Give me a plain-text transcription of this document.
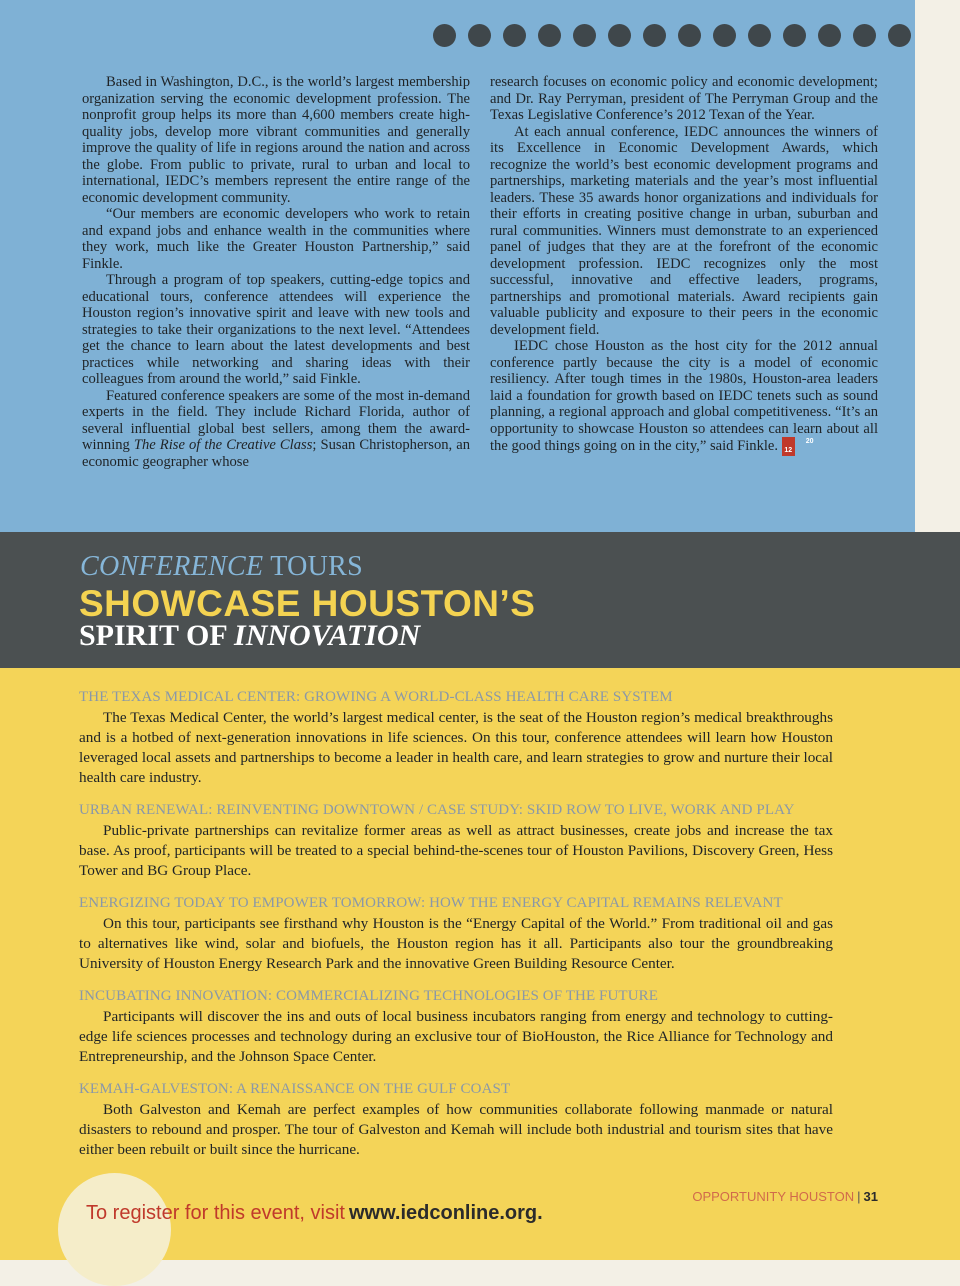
Based in Washington, D.C., is the world’s largest membership organization serving the economic development profession. The nonprofit group helps its more than 4,600 members create high-quality jobs, develop more vibrant communities and generally improve the quality of life in regions around the nation and across the globe. From public to private, rural to urban and local to international, IEDC’s members represent the entire range of the economic development community.

“Our members are economic developers who work to retain and expand jobs and enhance wealth in the communities where they work, much like the Greater Houston Partnership,” said Finkle.

Through a program of top speakers, cutting-edge topics and educational tours, conference attendees will experience the Houston region’s innovative spirit and leave with new tools and strategies to take their organizations to the next level. “Attendees get the chance to learn about the latest developments and best practices while networking and sharing ideas with their colleagues from around the world,” said Finkle.

Featured conference speakers are some of the most in-demand experts in the field. They include Richard Florida, author of several influential global best sellers, among them the award-winning The Rise of the Creative Class; Susan Christopherson, an economic geographer whose

research focuses on economic policy and economic development; and Dr. Ray Perryman, president of The Perryman Group and the Texas Legislative Conference’s 2012 Texan of the Year.

At each annual conference, IEDC announces the winners of its Excellence in Economic Development Awards, which recognize the world’s best economic development programs and partnerships, marketing materials and the year’s most influential leaders. These 35 awards honor organizations and individuals for their efforts in creating positive change in urban, suburban and rural communities. Winners must demonstrate to an experienced panel of judges that they are at the forefront of the economic development profession. IEDC recognizes only the most successful, innovative and effective leaders, programs, partnerships and promotional materials. Award recipients gain valuable publicity and exposure to their peers in the economic development field.

IEDC chose Houston as the host city for the 2012 annual conference partly because the city is a model of economic resiliency. After tough times in the 1980s, Houston-area leaders laid a foundation for growth based on IEDC tenets such as sound planning, a regional approach and global competitiveness. “It’s an opportunity to showcase Houston so attendees can learn about all the good things going on in the city,” said Finkle.	20
12

CONFERENCE TOURS
SHOWCASE HOUSTON’S
SPIRIT OF INNOVATION
THE TEXAS MEDICAL CENTER: GROWING A WORLD-CLASS HEALTH CARE SYSTEM

The Texas Medical Center, the world’s largest medical center, is the seat of the Houston region’s medical breakthroughs and is a hotbed of next-generation innovations in life sciences. On this tour, conference attendees will learn how Houston leveraged local assets and partnerships to become a leader in health care, and learn strategies to grow and nurture their local health care industry.

URBAN RENEWAL: REINVENTING DOWNTOWN / CASE STUDY: SKID ROW TO LIVE, WORK AND PLAY

Public-private partnerships can revitalize former areas as well as attract businesses, create jobs and increase the tax base. As proof, participants will be treated to a special behind-the-scenes tour of Houston Pavilions, Discovery Green, Hess Tower and BG Group Place.

ENERGIZING TODAY TO EMPOWER TOMORROW: HOW THE ENERGY CAPITAL REMAINS RELEVANT

On this tour, participants see firsthand why Houston is the “Energy Capital of the World.” From traditional oil and gas to alternatives like wind, solar and biofuels, the Houston region has it all. Participants also tour the groundbreaking University of Houston Energy Research Park and the innovative Green Building Resource Center.

INCUBATING INNOVATION: COMMERCIALIZING TECHNOLOGIES OF THE FUTURE

Participants will discover the ins and outs of local business incubators ranging from energy and technology to cutting-edge life sciences processes and technology during an exclusive tour of BioHouston, the Rice Alliance for Technology and Entrepreneurship, and the Johnson Space Center.

KEMAH-GALVESTON: A RENAISSANCE ON THE GULF COAST

Both Galveston and Kemah are perfect examples of how communities collaborate following manmade or natural disasters to rebound and prosper. The tour of Galveston and Kemah will include both industrial and tourism sites that have either been rebuilt or built since the hurricane.

To register for this event, visit www.iedconline.org.
OPPORTUNITY HOUSTON | 31
